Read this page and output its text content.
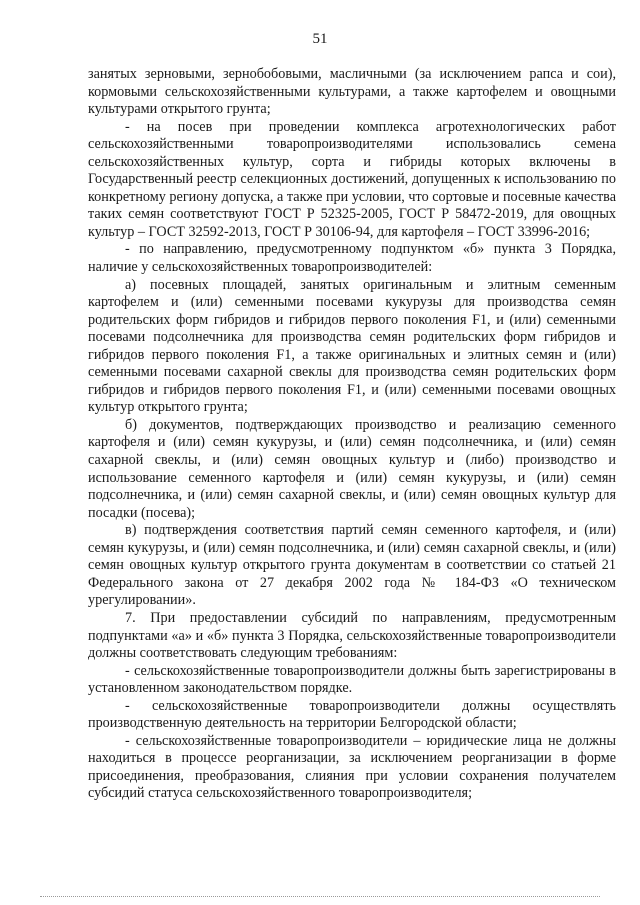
51

занятых зерновыми, зернобобовыми, масличными (за исключением рапса и сои), кормовыми сельскохозяйственными культурами, а также картофелем и овощными культурами открытого грунта;

- на посев при проведении комплекса агротехнологических работ сельскохозяйственными товаропроизводителями использовались семена сельскохозяйственных культур, сорта и гибриды которых включены в Государственный реестр селекционных достижений, допущенных к использованию по конкретному региону допуска, а также при условии, что сортовые и посевные качества таких семян соответствуют ГОСТ Р 52325-2005, ГОСТ Р 58472-2019, для овощных культур – ГОСТ 32592-2013, ГОСТ Р 30106-94, для картофеля – ГОСТ 33996-2016;

- по направлению, предусмотренному подпунктом «б» пункта 3 Порядка, наличие у сельскохозяйственных товаропроизводителей:

а) посевных площадей, занятых оригинальным и элитным семенным картофелем и (или) семенными посевами кукурузы для производства семян родительских форм гибридов и гибридов первого поколения F1, и (или) семенными посевами подсолнечника для производства семян родительских форм гибридов и гибридов первого поколения F1, а также оригинальных и элитных семян и (или) семенными посевами сахарной свеклы для производства семян родительских форм гибридов и гибридов первого поколения F1, и (или) семенными посевами овощных культур открытого грунта;

б) документов, подтверждающих производство и реализацию семенного картофеля и (или) семян кукурузы, и (или) семян подсолнечника, и (или) семян сахарной свеклы, и (или) семян овощных культур и (либо) производство и использование семенного картофеля и (или) семян кукурузы, и (или) семян подсолнечника, и (или) семян сахарной свеклы, и (или) семян овощных культур для посадки (посева);

в) подтверждения соответствия партий семян семенного картофеля, и (или) семян кукурузы, и (или) семян подсолнечника, и (или) семян сахарной свеклы, и (или) семян овощных культур открытого грунта документам в соответствии со статьей 21 Федерального закона от 27 декабря 2002 года № 184-ФЗ «О техническом урегулировании».

7. При предоставлении субсидий по направлениям, предусмотренным подпунктами «а» и «б» пункта 3 Порядка, сельскохозяйственные товаропроизводители должны соответствовать следующим требованиям:

- сельскохозяйственные товаропроизводители должны быть зарегистрированы в установленном законодательством порядке.

- сельскохозяйственные товаропроизводители должны осуществлять производственную деятельность на территории Белгородской области;

- сельскохозяйственные товаропроизводители – юридические лица не должны находиться в процессе реорганизации, за исключением реорганизации в форме присоединения, преобразования, слияния при условии сохранения получателем субсидий статуса сельскохозяйственного товаропроизводителя;
